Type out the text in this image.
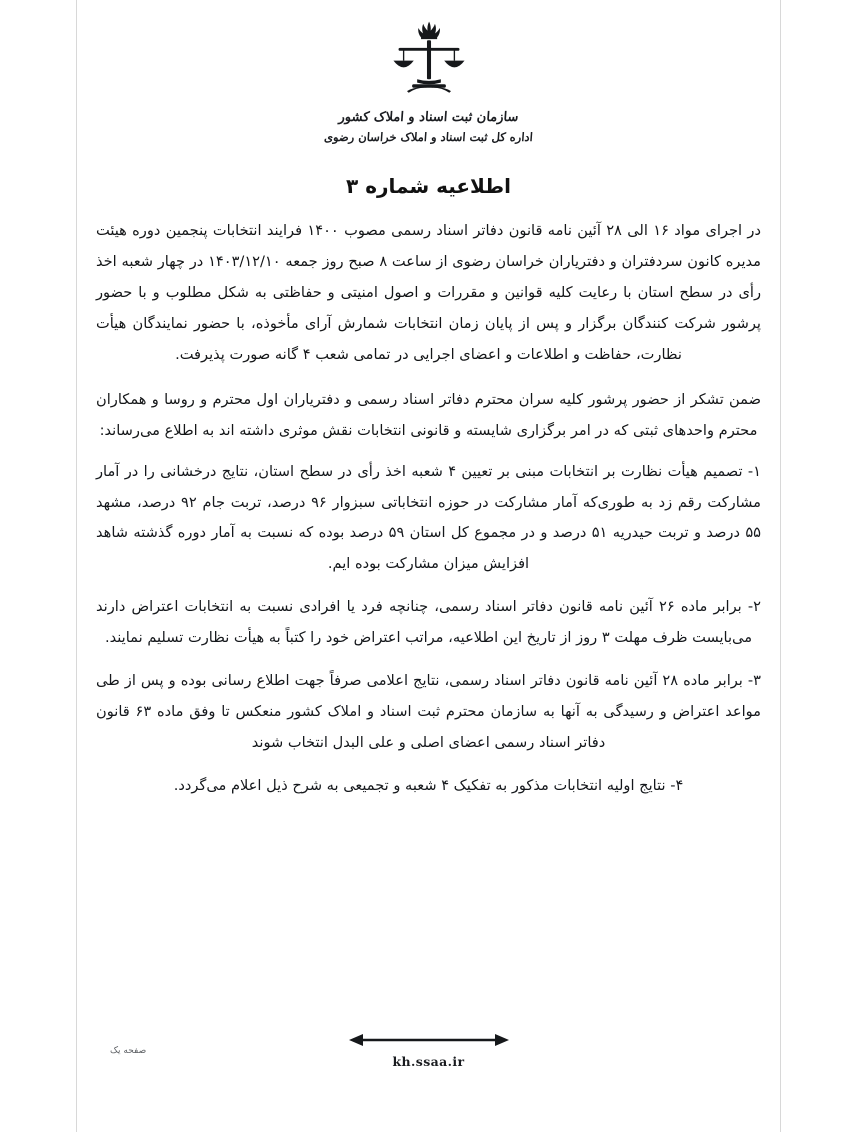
سازمان ثبت اسناد و املاک کشور
اداره کل ثبت اسناد و املاک خراسان رضوی
اطلاعیه شماره ۳

در اجرای مواد ۱۶ الی ۲۸ آئین نامه قانون دفاتر اسناد رسمی مصوب ۱۴۰۰ فرایند انتخابات پنجمین دوره هیئت مدیره کانون سردفتران و دفتریاران خراسان رضوی از ساعت ۸ صبح روز جمعه ۱۴۰۳/۱۲/۱۰ در چهار شعبه اخذ رأی در سطح استان با رعایت کلیه قوانین و مقررات و اصول امنیتی و حفاظتی به شکل مطلوب و با حضور پرشور شرکت کنندگان برگزار و پس از پایان زمان انتخابات شمارش آرای مأخوذه، با حضور نمایندگان هیأت نظارت، حفاظت و اطلاعات و اعضای اجرایی در تمامی شعب ۴ گانه صورت پذیرفت.

ضمن تشکر از حضور پرشور کلیه سران محترم دفاتر اسناد رسمی و دفتریاران اول محترم و روسا و همکاران محترم واحدهای ثبتی که در امر برگزاری شایسته و قانونی انتخابات نقش موثری داشته اند به اطلاع می‌رساند:

۱- تصمیم هیأت نظارت بر انتخابات مبنی بر تعیین ۴ شعبه اخذ رأی در سطح استان، نتایج درخشانی را در آمار مشارکت رقم زد به طوری‌که آمار مشارکت در حوزه انتخاباتی سبزوار ۹۶ درصد، تربت جام ۹۲ درصد، مشهد ۵۵ درصد و تربت حیدریه ۵۱ درصد و در مجموع کل استان ۵۹ درصد بوده که نسبت به آمار دوره گذشته شاهد افزایش میزان مشارکت بوده ایم.

۲- برابر ماده ۲۶ آئین نامه قانون دفاتر اسناد رسمی، چنانچه فرد یا افرادی نسبت به انتخابات اعتراض دارند می‌بایست ظرف مهلت ۳ روز از تاریخ این اطلاعیه، مراتب اعتراض خود را کتباً به هیأت نظارت تسلیم نمایند.

۳- برابر ماده ۲۸ آئین نامه قانون دفاتر اسناد رسمی، نتایج اعلامی صرفاً جهت اطلاع رسانی بوده و پس از طی مواعد اعتراض و رسیدگی به آنها به سازمان محترم ثبت اسناد و املاک کشور منعکس تا وفق ماده ۶۳ قانون دفاتر اسناد رسمی اعضای اصلی و علی البدل انتخاب شوند

۴- نتایج اولیه انتخابات مذکور به تفکیک ۴ شعبه و تجمیعی به شرح ذیل اعلام می‌گردد.

kh.ssaa.ir
صفحه یک
